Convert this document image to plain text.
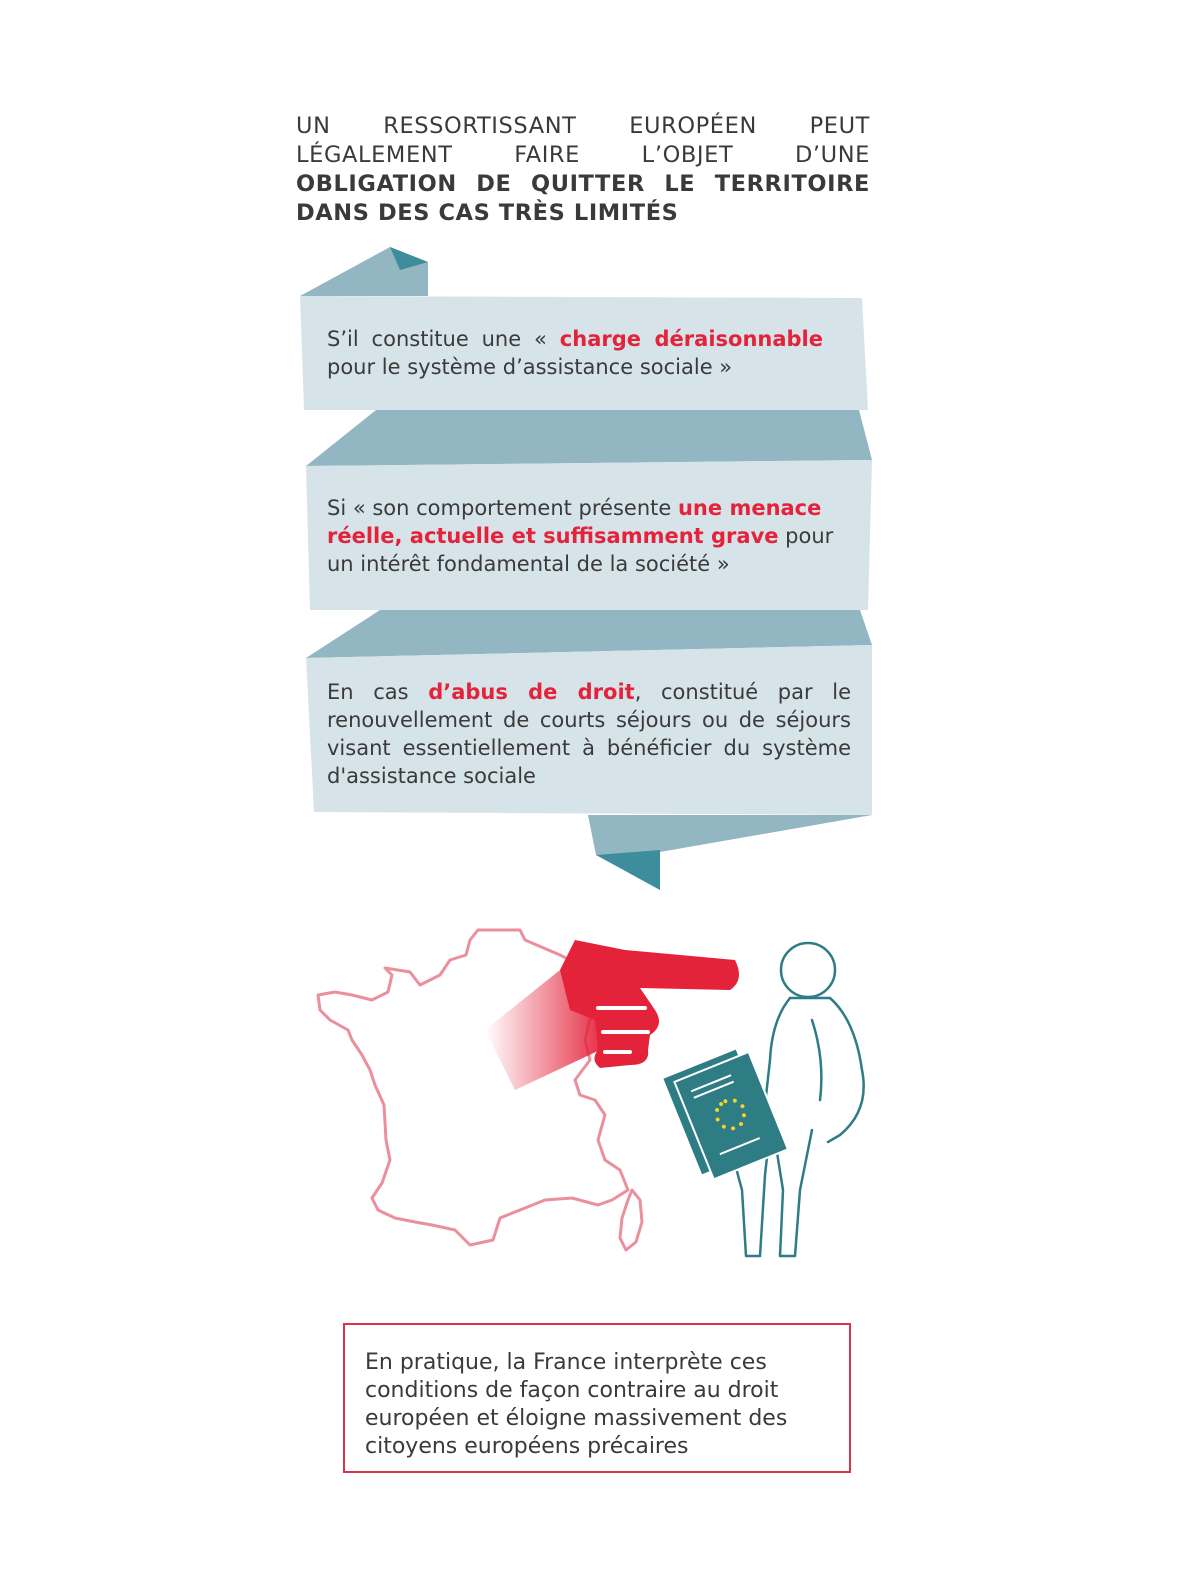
UN RESSORTISSANT EUROPÉEN PEUT LÉGALEMENT FAIRE L’OBJET D’UNE OBLIGATION DE QUITTER LE TERRITOIRE DANS DES CAS TRÈS LIMITÉS
S’il constitue une « charge déraisonnable pour le système d’assistance sociale »
Si « son comportement présente une menace réelle, actuelle et suffisamment grave pour un intérêt fondamental de la société »
En cas d’abus de droit, constitué par le renouvellement de courts séjours ou de séjours visant essentiellement à bénéficier du système d'assistance sociale
En pratique, la France interprète ces conditions de façon contraire au droit européen et éloigne massivement des citoyens européens précaires
